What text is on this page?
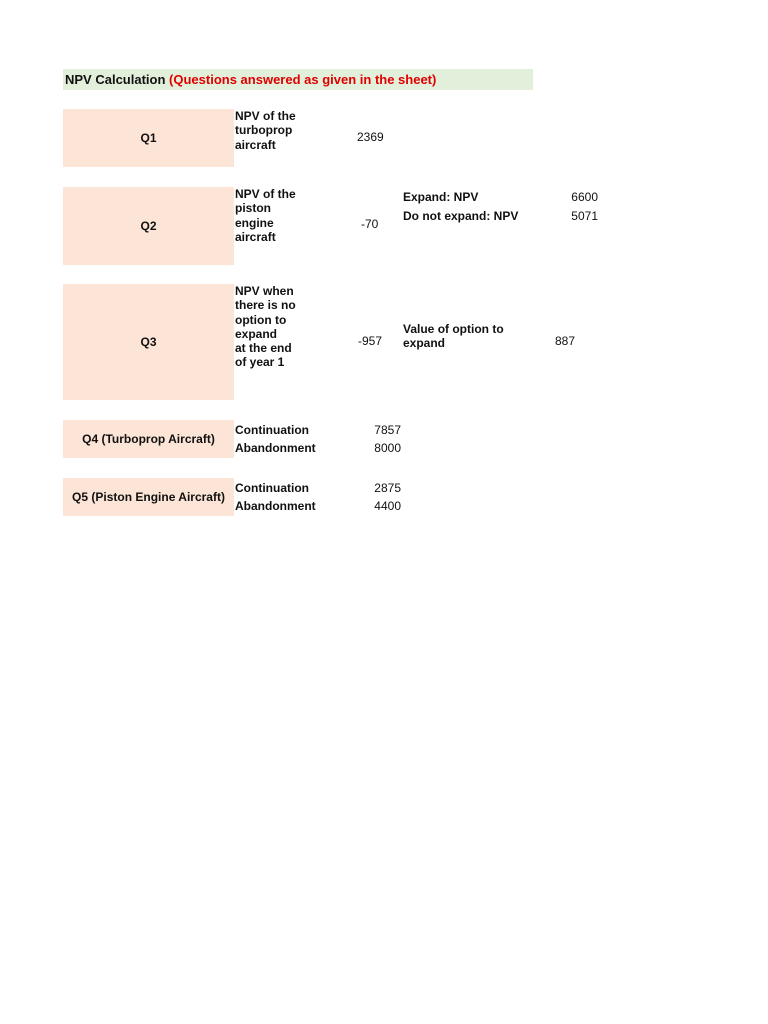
NPV Calculation (Questions answered as given in the sheet)
Q1
NPV of the
turboprop
aircraft
2369
Q2
NPV of the
piston
engine
aircraft
-70
Expand: NPV	6600
Do not expand: NPV	5071
Q3
NPV when
there is no
option to
expand
at the end
of year 1
-957
Value of option to
expand	887
Q4 (Turboprop Aircraft)
Continuation	7857
Abandonment	8000
Q5 (Piston Engine Aircraft)
Continuation	2875
Abandonment	4400
